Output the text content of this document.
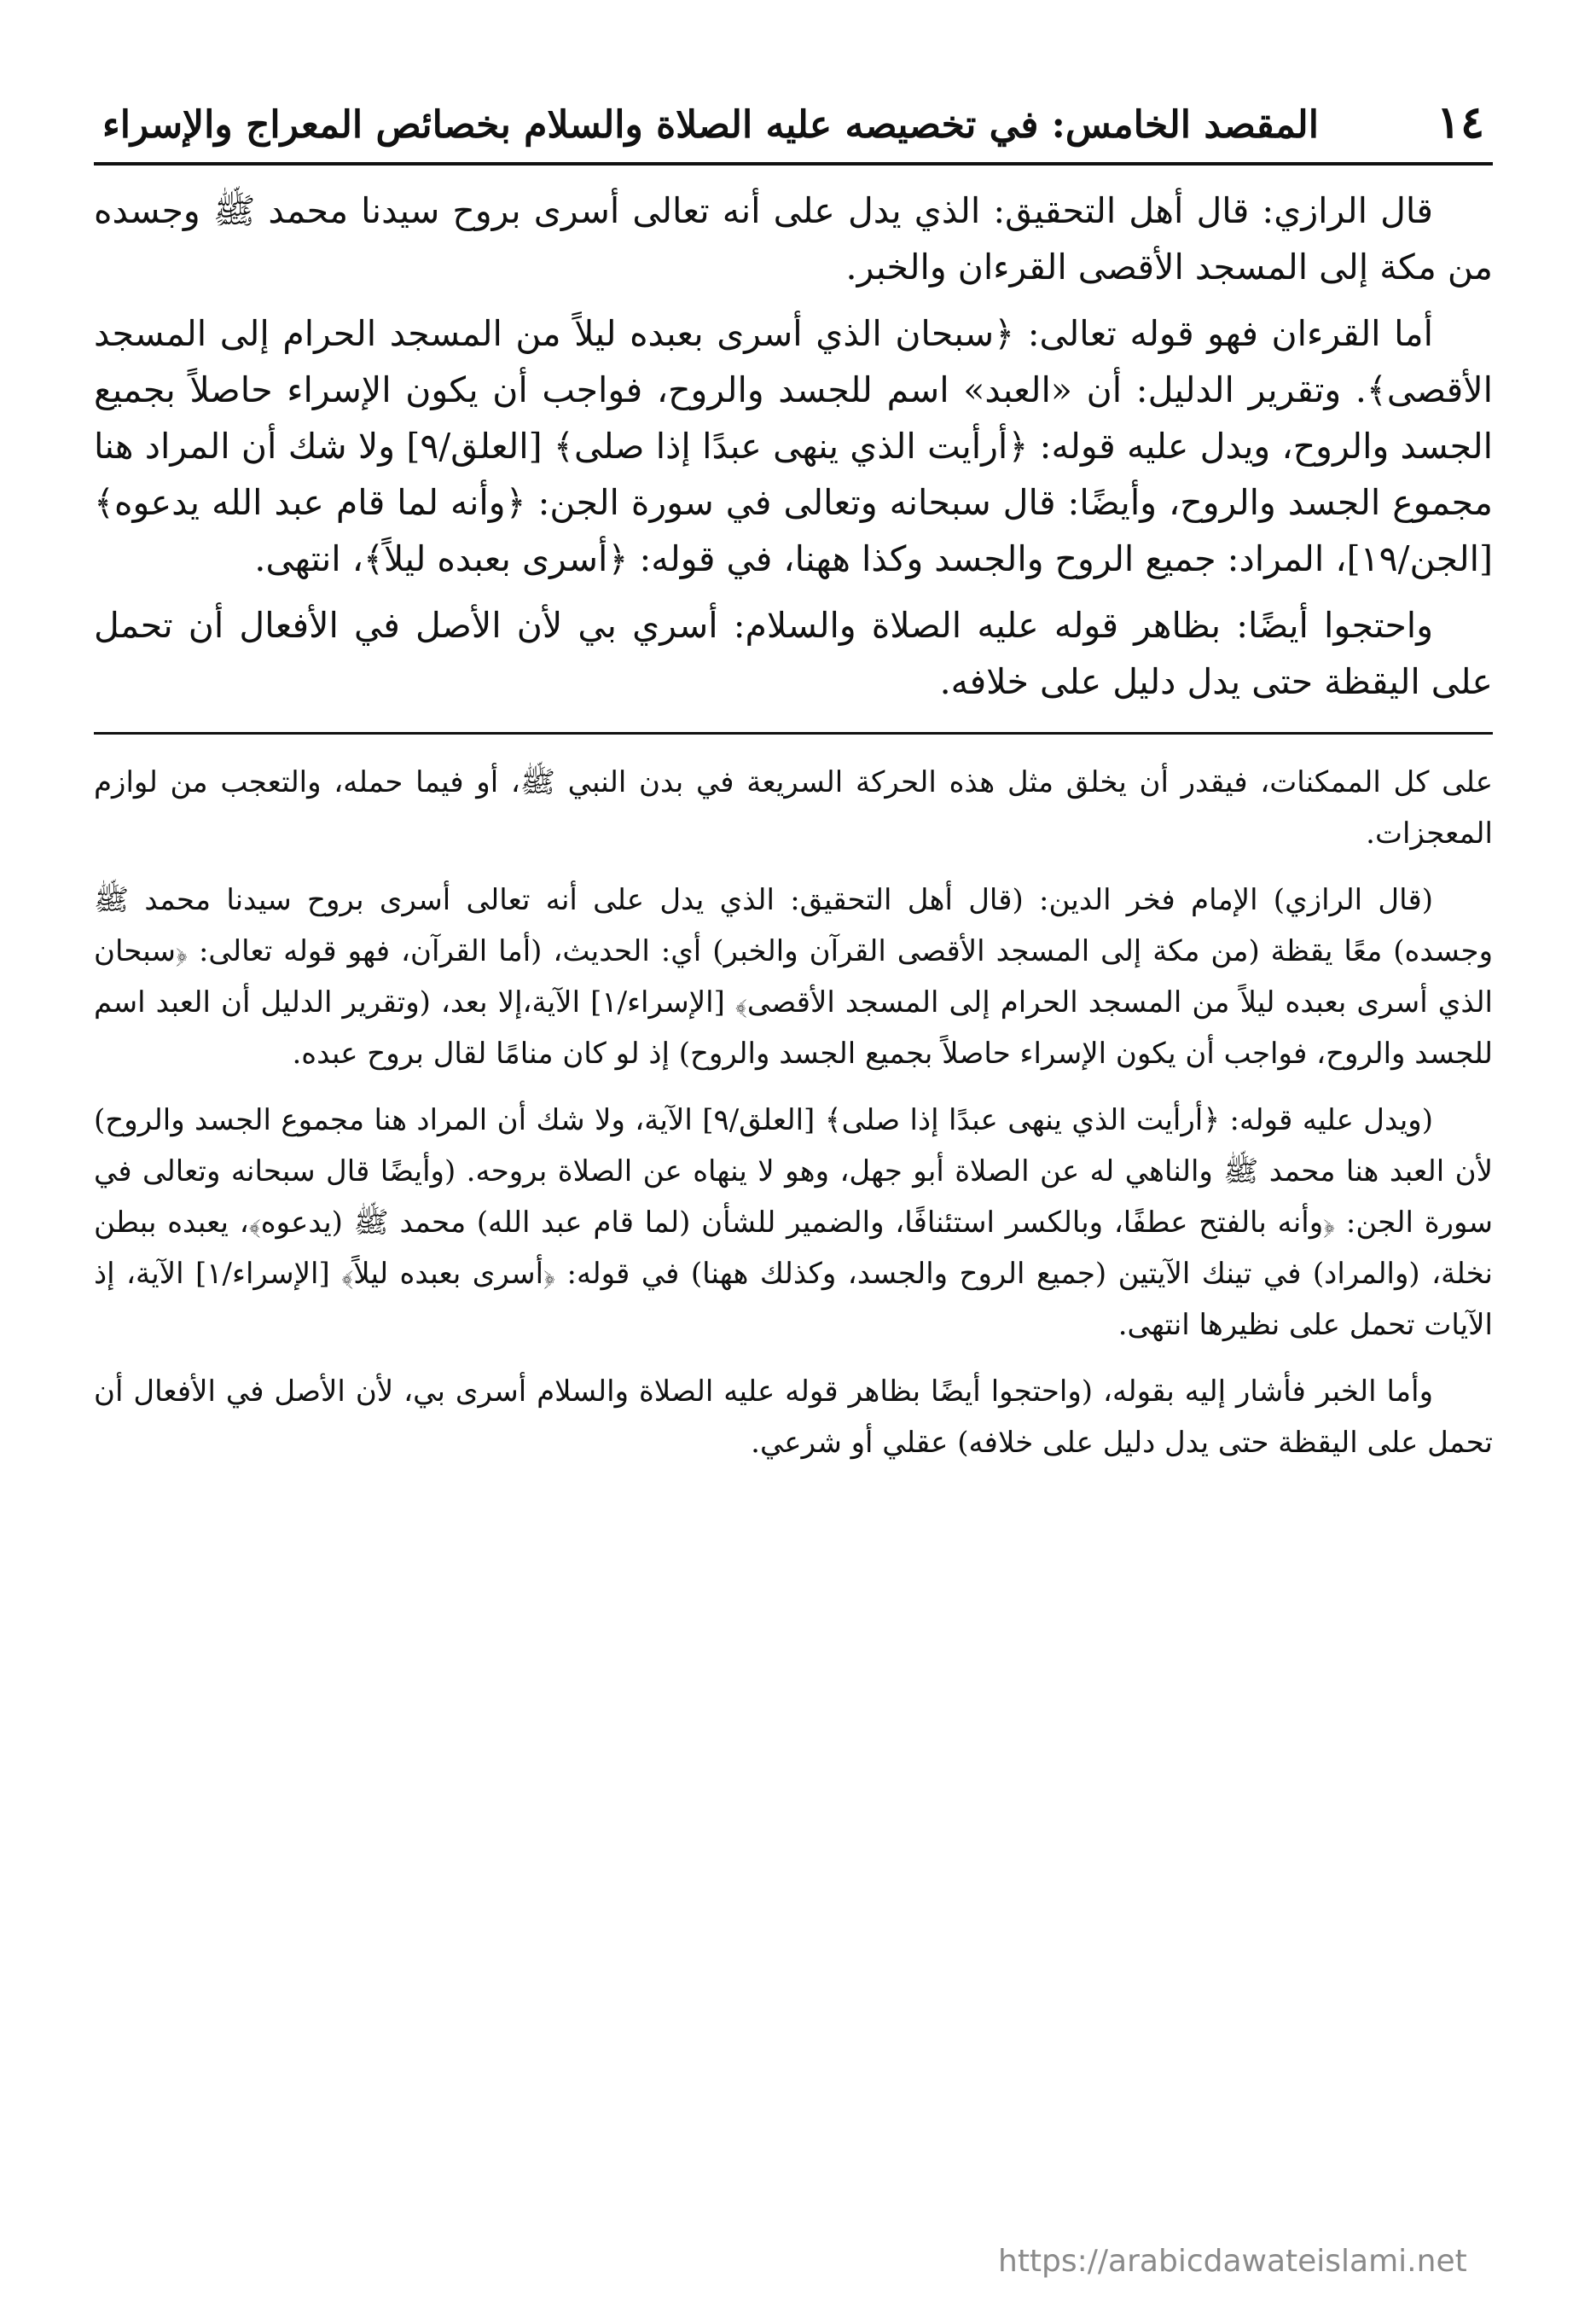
١٤
المقصد الخامس: في تخصيصه عليه الصلاة والسلام بخصائص المعراج والإسراء

قال الرازي: قال أهل التحقيق: الذي يدل على أنه تعالى أسرى بروح سيدنا محمد ﷺ وجسده من مكة إلى المسجد الأقصى القرءان والخبر.

أما القرءان فهو قوله تعالى: ﴿سبحان الذي أسرى بعبده ليلاً من المسجد الحرام إلى المسجد الأقصى﴾. وتقرير الدليل: أن «العبد» اسم للجسد والروح، فواجب أن يكون الإسراء حاصلاً بجميع الجسد والروح، ويدل عليه قوله: ﴿أرأيت الذي ينهى عبدًا إذا صلى﴾ [العلق/٩] ولا شك أن المراد هنا مجموع الجسد والروح، وأيضًا: قال سبحانه وتعالى في سورة الجن: ﴿وأنه لما قام عبد الله يدعوه﴾ [الجن/١٩]، المراد: جميع الروح والجسد وكذا ههنا، في قوله: ﴿أسرى بعبده ليلاً﴾، انتهى.

واحتجوا أيضًا: بظاهر قوله عليه الصلاة والسلام: أسري بي لأن الأصل في الأفعال أن تحمل على اليقظة حتى يدل دليل على خلافه.

على كل الممكنات، فيقدر أن يخلق مثل هذه الحركة السريعة في بدن النبي ﷺ، أو فيما حمله، والتعجب من لوازم المعجزات.

(قال الرازي) الإمام فخر الدين: (قال أهل التحقيق: الذي يدل على أنه تعالى أسرى بروح سيدنا محمد ﷺ وجسده) معًا يقظة (من مكة إلى المسجد الأقصى القرآن والخبر) أي: الحديث، (أما القرآن، فهو قوله تعالى: ﴿سبحان الذي أسرى بعبده ليلاً من المسجد الحرام إلى المسجد الأقصى﴾ [الإسراء/١] الآية،إلا بعد، (وتقرير الدليل أن العبد اسم للجسد والروح، فواجب أن يكون الإسراء حاصلاً بجميع الجسد والروح) إذ لو كان منامًا لقال بروح عبده.

(ويدل عليه قوله: ﴿أرأيت الذي ينهى عبدًا إذا صلى﴾ [العلق/٩] الآية، ولا شك أن المراد هنا مجموع الجسد والروح) لأن العبد هنا محمد ﷺ والناهي له عن الصلاة أبو جهل، وهو لا ينهاه عن الصلاة بروحه. (وأيضًا قال سبحانه وتعالى في سورة الجن: ﴿وأنه بالفتح عطفًا، وبالكسر استئنافًا، والضمير للشأن (لما قام عبد الله) محمد ﷺ (يدعوه﴾، يعبده ببطن نخلة، (والمراد) في تينك الآيتين (جميع الروح والجسد، وكذلك ههنا) في قوله: ﴿أسرى بعبده ليلاً﴾ [الإسراء/١] الآية، إذ الآيات تحمل على نظيرها انتهى.

وأما الخبر فأشار إليه بقوله، (واحتجوا أيضًا بظاهر قوله عليه الصلاة والسلام أسرى بي، لأن الأصل في الأفعال أن تحمل على اليقظة حتى يدل دليل على خلافه) عقلي أو شرعي.

https://arabicdawateislami.net
